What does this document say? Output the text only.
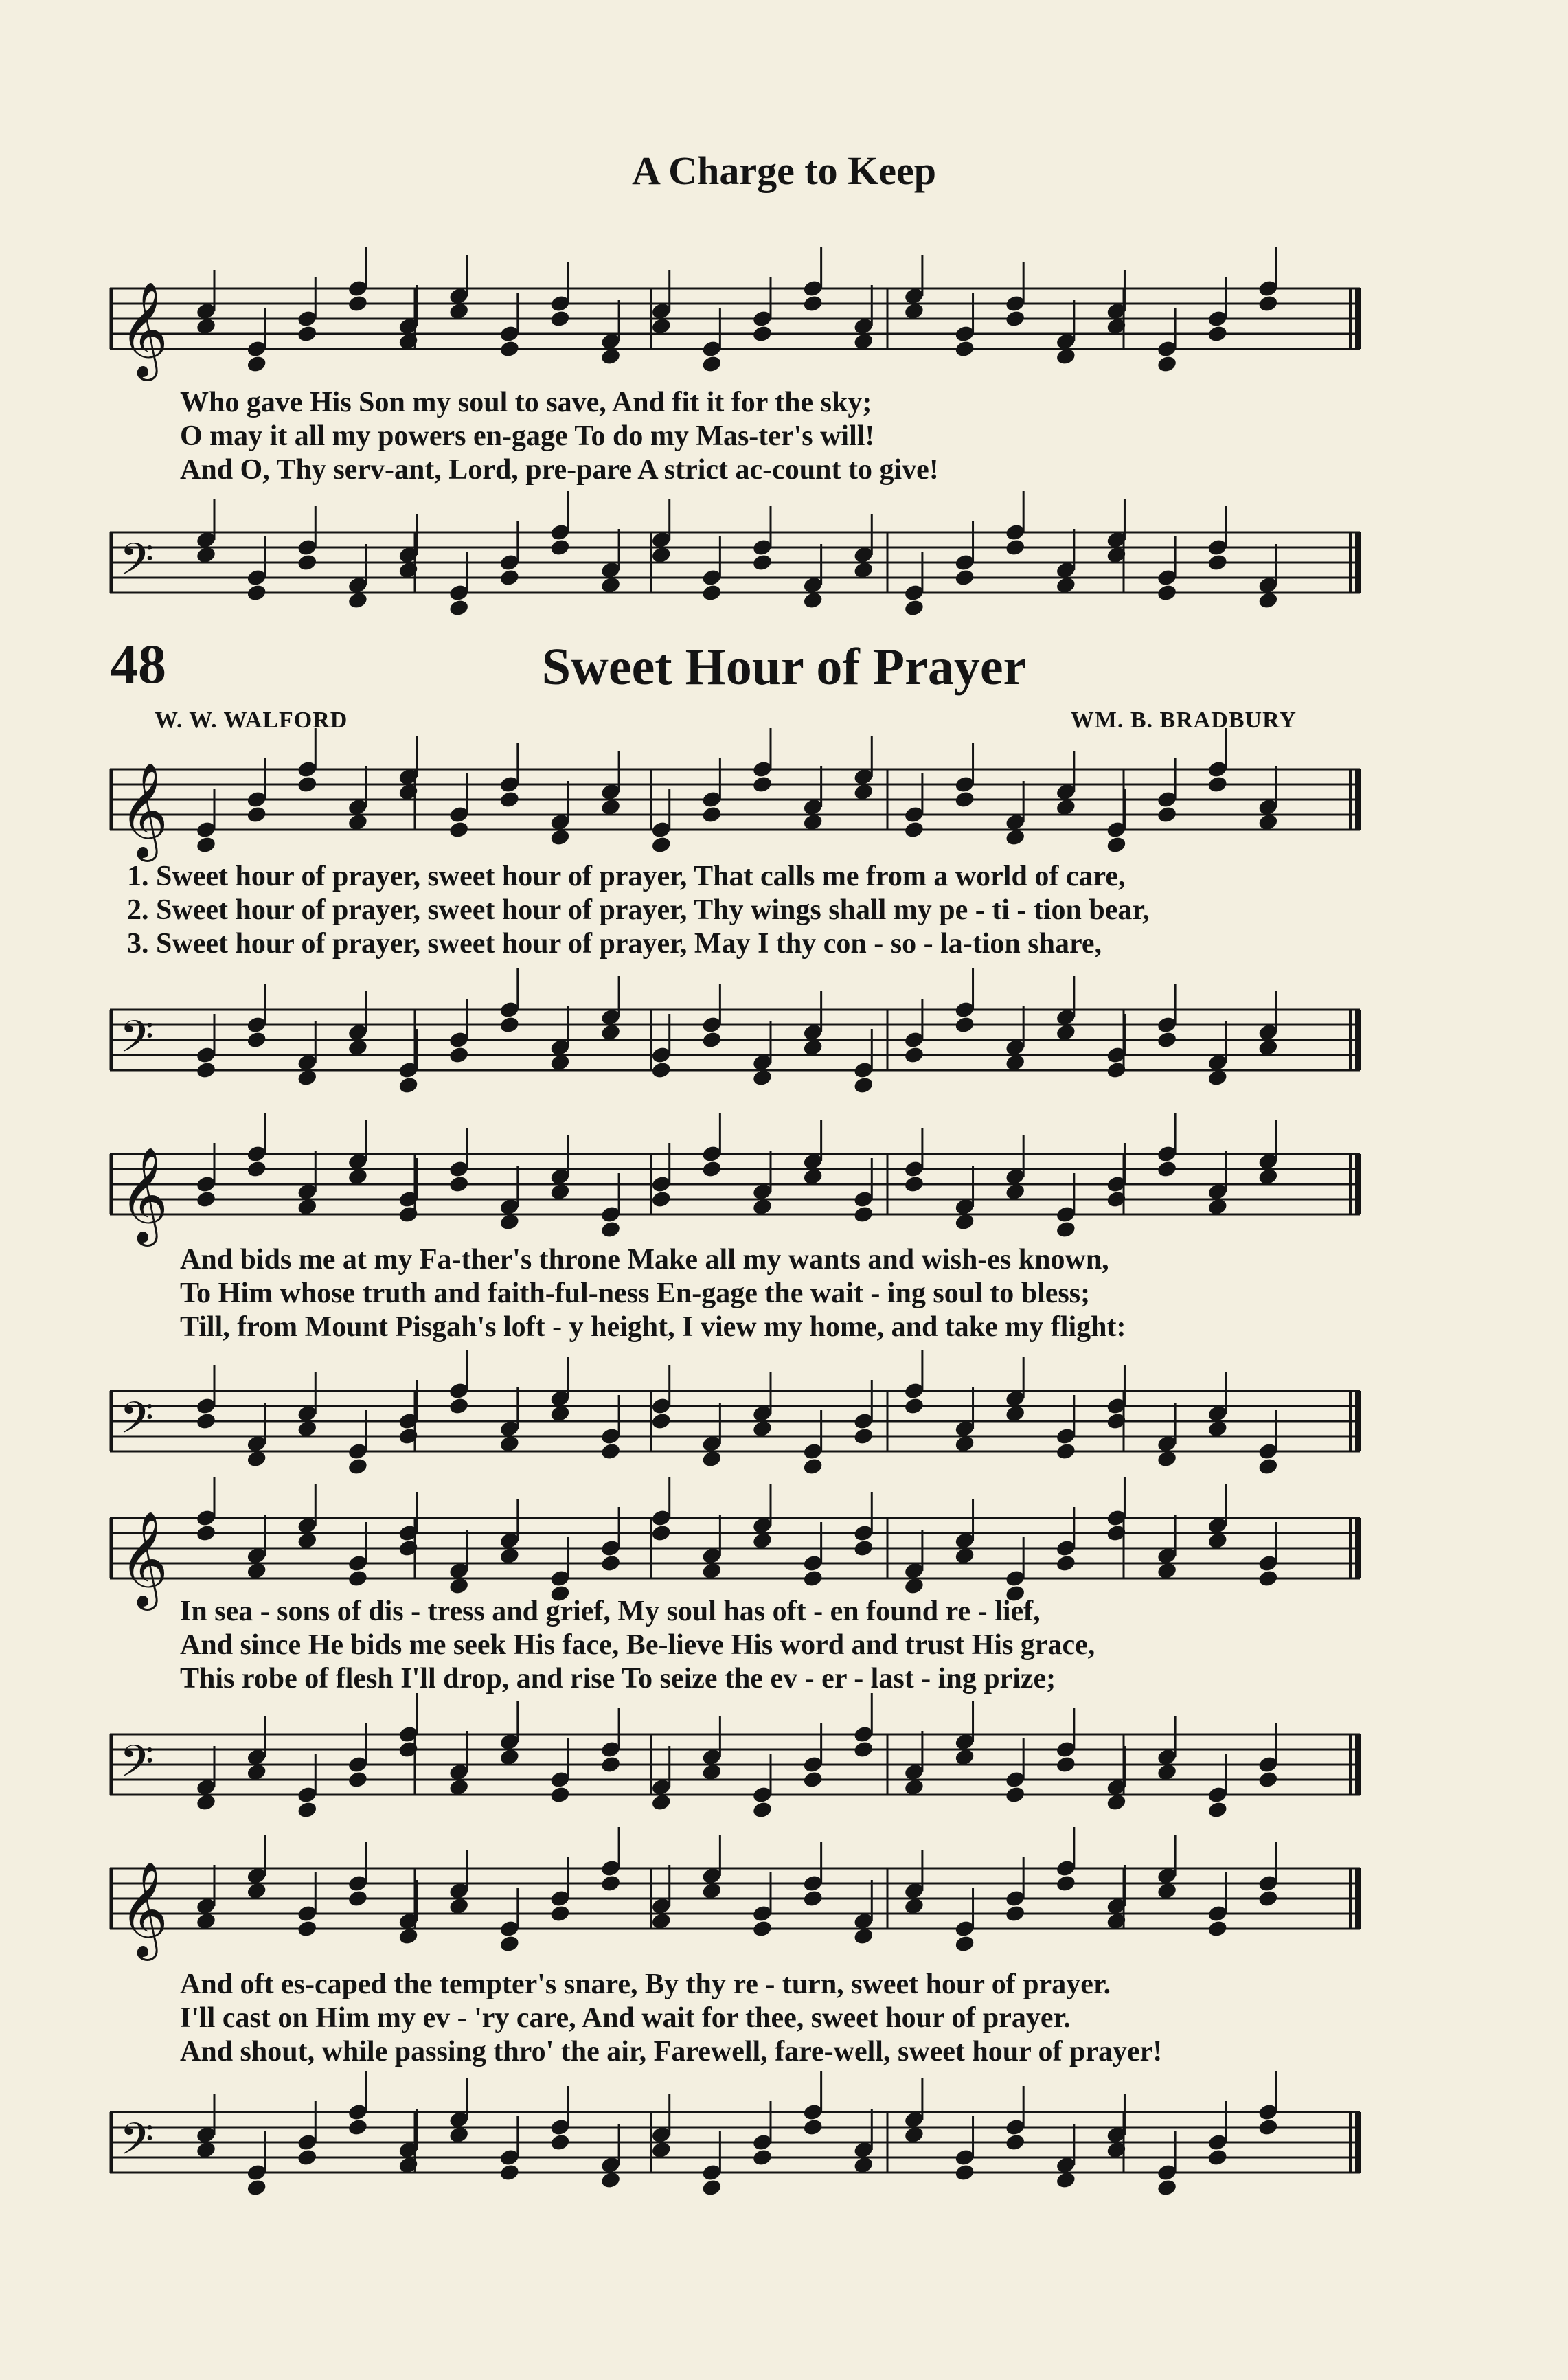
A Charge to Keep
𝄞
Who gave His Son my soul to save, And fit it for the sky;
O may it all my powers en-gage To do my Mas-ter's will!
And O, Thy serv-ant, Lord, pre-pare A strict ac-count to give!
𝄢
48	Sweet Hour of Prayer
W. W. WALFORD	WM. B. BRADBURY
𝄞
1. Sweet hour of prayer, sweet hour of prayer, That calls me from a world of care,
2. Sweet hour of prayer, sweet hour of prayer, Thy wings shall my pe - ti - tion bear,
3. Sweet hour of prayer, sweet hour of prayer, May I thy con - so - la-tion share,
𝄢
𝄞
And bids me at my Fa-ther's throne Make all my wants and wish-es known,
To Him whose truth and faith-ful-ness En-gage the wait - ing soul to bless;
Till, from Mount Pisgah's loft - y height, I view my home, and take my flight:
𝄢
𝄞
In sea - sons of dis - tress and grief, My soul has oft - en found re - lief,
And since He bids me seek His face, Be-lieve His word and trust His grace,
This robe of flesh I'll drop, and rise To seize the ev - er - last - ing prize;
𝄢
𝄞
And oft es-caped the tempter's snare, By thy re - turn, sweet hour of prayer.
I'll cast on Him my ev - 'ry care, And wait for thee, sweet hour of prayer.
And shout, while passing thro' the air, Farewell, fare-well, sweet hour of prayer!
𝄢
